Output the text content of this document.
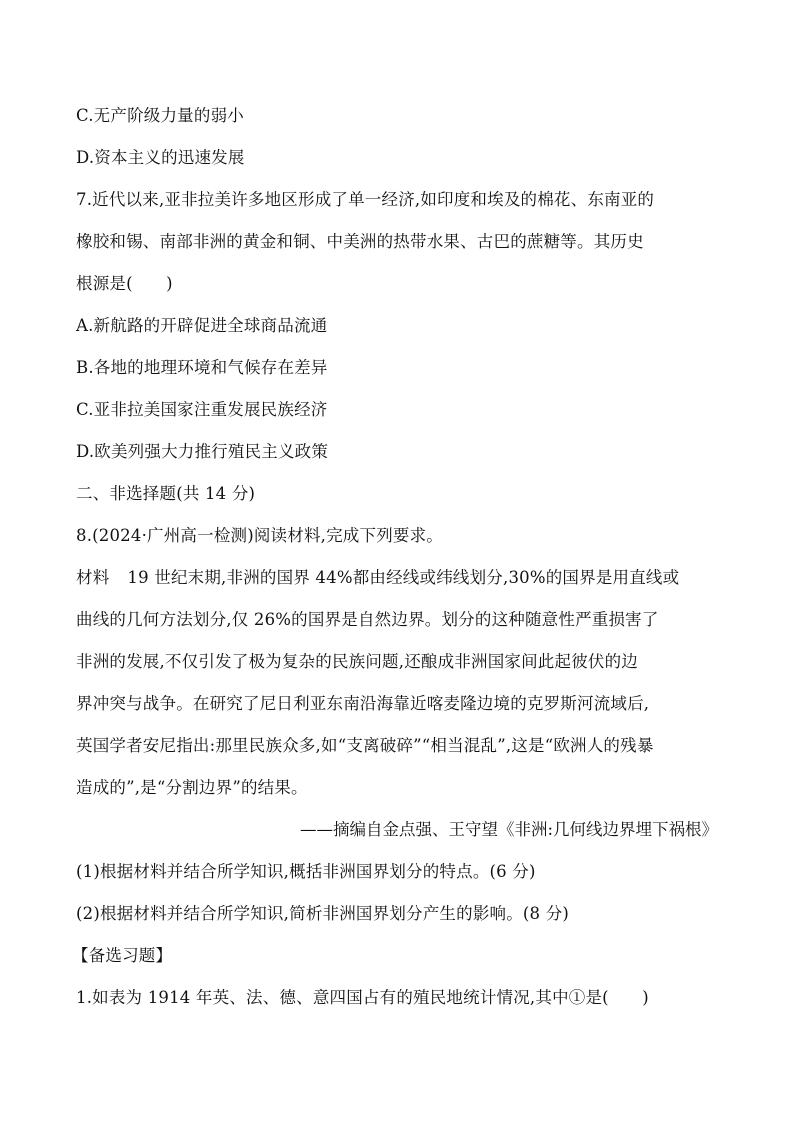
C.无产阶级力量的弱小
D.资本主义的迅速发展
7.近代以来,亚非拉美许多地区形成了单一经济,如印度和埃及的棉花、东南亚的
橡胶和锡、南部非洲的黄金和铜、中美洲的热带水果、古巴的蔗糖等。其历史
根源是(　　)
A.新航路的开辟促进全球商品流通
B.各地的地理环境和气候存在差异
C.亚非拉美国家注重发展民族经济
D.欧美列强大力推行殖民主义政策
二、非选择题(共 14 分)
8.(2024·广州高一检测)阅读材料,完成下列要求。
材料 19 世纪末期,非洲的国界 44%都由经线或纬线划分,30%的国界是用直线或
曲线的几何方法划分,仅 26%的国界是自然边界。划分的这种随意性严重损害了
非洲的发展,不仅引发了极为复杂的民族问题,还酿成非洲国家间此起彼伏的边
界冲突与战争。在研究了尼日利亚东南沿海靠近喀麦隆边境的克罗斯河流域后,
英国学者安尼指出:那里民族众多,如“支离破碎”“相当混乱”,这是“欧洲人的残暴
造成的”,是“分割边界”的结果。
——摘编自金点强、王守望《非洲:几何线边界埋下祸根》
(1)根据材料并结合所学知识,概括非洲国界划分的特点。(6 分)
(2)根据材料并结合所学知识,简析非洲国界划分产生的影响。(8 分)
【备选习题】
1.如表为 1914 年英、法、德、意四国占有的殖民地统计情况,其中①是(　　)
